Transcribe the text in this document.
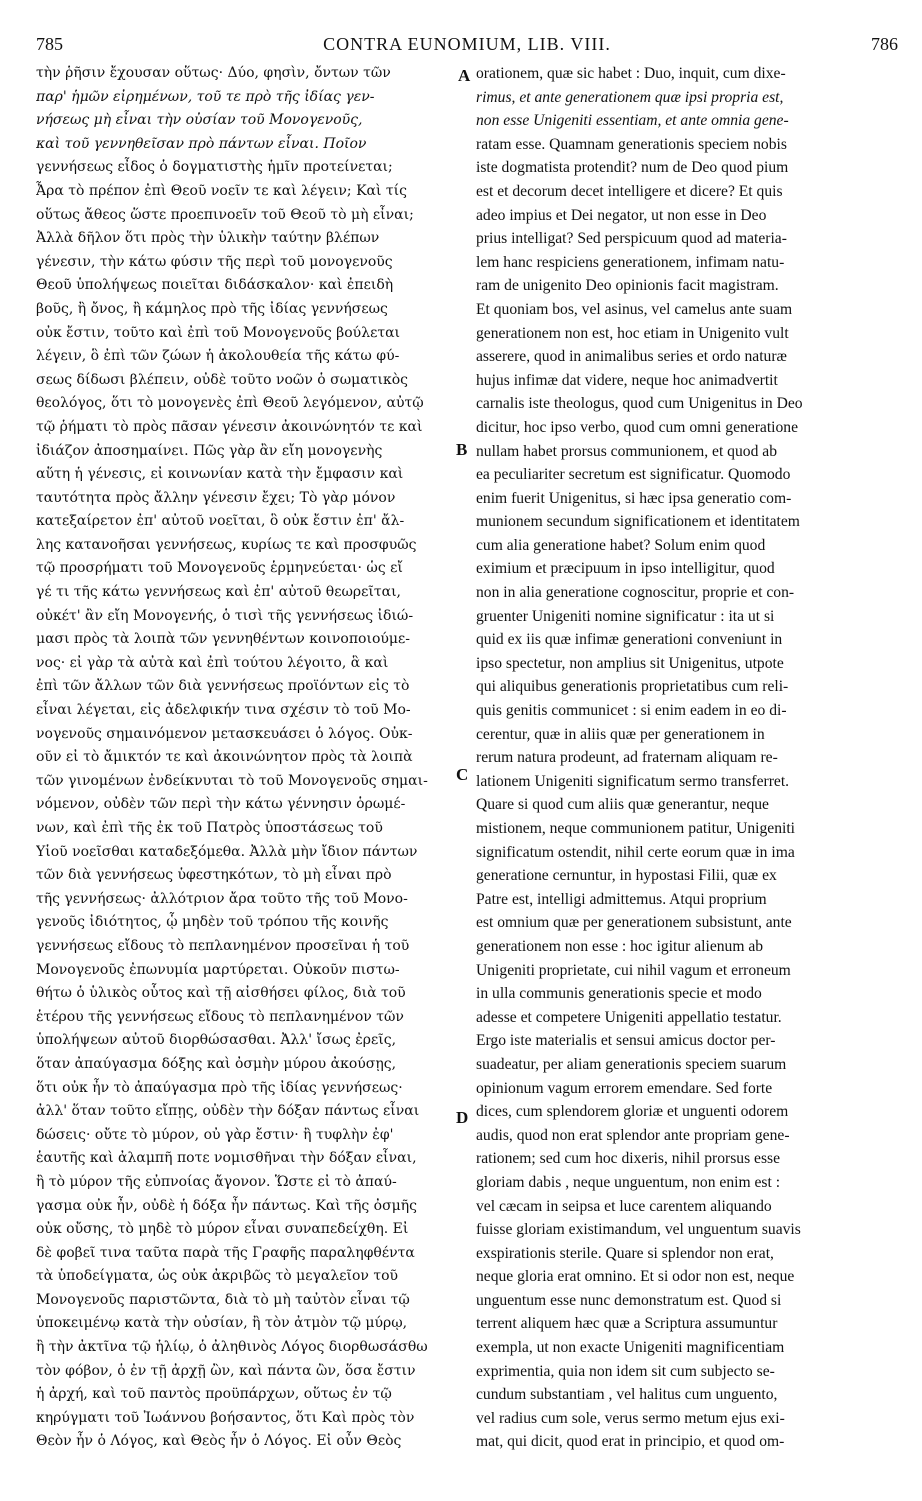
785	CONTRA EUNOMIUM, LIB. VIII.	786
τὴν ῥῆσιν ἔχουσαν οὕτως· Δύο, φησὶν, ὄντων τῶν
παρ' ἡμῶν εἰρημένων, τοῦ τε πρὸ τῆς ἰδίας γεν-
νήσεως μὴ εἶναι τὴν οὐσίαν τοῦ Μονογενοῦς,
καὶ τοῦ γεννηθεῖσαν πρὸ πάντων εἶναι. Ποῖον
γεννήσεως εἶδος ὁ δογματιστὴς ἡμῖν προτείνεται;
Ἆρα τὸ πρέπον ἐπὶ Θεοῦ νοεῖν τε καὶ λέγειν; Καὶ τίς
οὕτως ἄθεος ὥστε προεπινοεῖν τοῦ Θεοῦ τὸ μὴ εἶναι;
Ἀλλὰ δῆλον ὅτι πρὸς τὴν ὑλικὴν ταύτην βλέπων
γένεσιν, τὴν κάτω φύσιν τῆς περὶ τοῦ μονογενοῦς
Θεοῦ ὑπολήψεως ποιεῖται διδάσκαλον· καὶ ἐπειδὴ
βοῦς, ἢ ὄνος, ἢ κάμηλος πρὸ τῆς ἰδίας γεννήσεως
οὐκ ἔστιν, τοῦτο καὶ ἐπὶ τοῦ Μονογενοῦς βούλεται
λέγειν, ὃ ἐπὶ τῶν ζώων ἡ ἀκολουθεία τῆς κάτω φύ-
σεως δίδωσι βλέπειν, οὐδὲ τοῦτο νοῶν ὁ σωματικὸς
θεολόγος, ὅτι τὸ μονογενὲς ἐπὶ Θεοῦ λεγόμενον, αὐτῷ
τῷ ῥήματι τὸ πρὸς πᾶσαν γένεσιν ἀκοινώνητόν τε καὶ
ἰδιάζον ἀποσημαίνει. Πῶς γὰρ ἂν εἴη μονογενὴς
αὕτη ἡ γένεσις, εἰ κοινωνίαν κατὰ τὴν ἔμφασιν καὶ
ταυτότητα πρὸς ἄλλην γένεσιν ἔχει; Τὸ γὰρ μόνον
κατεξαίρετον ἐπ' αὐτοῦ νοεῖται, ὃ οὐκ ἔστιν ἐπ' ἄλ-
λης κατανοῆσαι γεννήσεως, κυρίως τε καὶ προσφυῶς
τῷ προσρήματι τοῦ Μονογενοῦς ἑρμηνεύεται· ὡς εἴ
γέ τι τῆς κάτω γεννήσεως καὶ ἐπ' αὐτοῦ θεωρεῖται,
οὐκέτ' ἂν εἴη Μονογενής, ὁ τισὶ τῆς γεννήσεως ἰδιώ-
μασι πρὸς τὰ λοιπὰ τῶν γεννηθέντων κοινοποιούμε-
νος· εἰ γὰρ τὰ αὐτὰ καὶ ἐπὶ τούτου λέγοιτο, ἃ καὶ
ἐπὶ τῶν ἄλλων τῶν διὰ γεννήσεως προϊόντων εἰς τὸ
εἶναι λέγεται, εἰς ἀδελφικήν τινα σχέσιν τὸ τοῦ Μο-
νογενοῦς σημαινόμενον μετασκευάσει ὁ λόγος. Οὐκ-
οῦν εἰ τὸ ἄμικτόν τε καὶ ἀκοινώνητον πρὸς τὰ λοιπὰ
τῶν γινομένων ἐνδείκνυται τὸ τοῦ Μονογενοῦς σημαι-
νόμενον, οὐδὲν τῶν περὶ τὴν κάτω γέννησιν ὁρωμέ-
νων, καὶ ἐπὶ τῆς ἐκ τοῦ Πατρὸς ὑποστάσεως τοῦ
Υἱοῦ νοεῖσθαι καταδεξόμεθα. Ἀλλὰ μὴν ἴδιον πάντων
τῶν διὰ γεννήσεως ὑφεστηκότων, τὸ μὴ εἶναι πρὸ
τῆς γεννήσεως· ἀλλότριον ἄρα τοῦτο τῆς τοῦ Μονο-
γενοῦς ἰδιότητος, ᾧ μηδὲν τοῦ τρόπου τῆς κοινῆς
γεννήσεως εἴδους τὸ πεπλανημένον προσεῖναι ἡ τοῦ
Μονογενοῦς ἐπωνυμία μαρτύρεται. Οὐκοῦν πιστω-
θήτω ὁ ὑλικὸς οὗτος καὶ τῇ αἰσθήσει φίλος, διὰ τοῦ
ἑτέρου τῆς γεννήσεως εἴδους τὸ πεπλανημένον τῶν
ὑπολήψεων αὐτοῦ διορθώσασθαι. Ἀλλ' ἴσως ἐρεῖς,
ὅταν ἀπαύγασμα δόξης καὶ ὀσμὴν μύρου ἀκούσῃς,
ὅτι οὐκ ἦν τὸ ἀπαύγασμα πρὸ τῆς ἰδίας γεννήσεως·
ἀλλ' ὅταν τοῦτο εἴπῃς, οὐδὲν τὴν δόξαν πάντως εἶναι
δώσεις· οὔτε τὸ μύρον, οὐ γὰρ ἔστιν· ἢ τυφλὴν ἐφ'
ἑαυτῆς καὶ ἀλαμπῆ ποτε νομισθῆναι τὴν δόξαν εἶναι,
ἢ τὸ μύρον τῆς εὐπνοίας ἄγονον. Ὥστε εἰ τὸ ἀπαύ-
γασμα οὐκ ἦν, οὐδὲ ἡ δόξα ἦν πάντως. Καὶ τῆς ὀσμῆς
οὐκ οὔσης, τὸ μηδὲ τὸ μύρον εἶναι συναπεδείχθη. Εἰ
δὲ φοβεῖ τινα ταῦτα παρὰ τῆς Γραφῆς παραληφθέντα
τὰ ὑποδείγματα, ὡς οὐκ ἀκριβῶς τὸ μεγαλεῖον τοῦ
Μονογενοῦς παριστῶντα, διὰ τὸ μὴ ταὐτὸν εἶναι τῷ
ὑποκειμένῳ κατὰ τὴν οὐσίαν, ἢ τὸν ἀτμὸν τῷ μύρῳ,
ἢ τὴν ἀκτῖνα τῷ ἡλίῳ, ὁ ἀληθινὸς Λόγος διορθωσάσθω
τὸν φόβον, ὁ ἐν τῇ ἀρχῇ ὢν, καὶ πάντα ὢν, ὅσα ἔστιν
ἡ ἀρχή, καὶ τοῦ παντὸς προϋπάρχων, οὕτως ἐν τῷ
κηρύγματι τοῦ Ἰωάννου βοήσαντος, ὅτι Καὶ πρὸς τὸν
Θεὸν ἦν ὁ Λόγος, καὶ Θεὸς ἦν ὁ Λόγος. Εἰ οὖν Θεὸς
orationem, quæ sic habet : Duo, inquit, cum dixe-
rimus, et ante generationem quæ ipsi propria est,
non esse Unigeniti essentiam, et ante omnia gene-
ratam esse. Quamnam generationis speciem nobis
iste dogmatista protendit? num de Deo quod pium
est et decorum decet intelligere et dicere? Et quis
adeo impius et Dei negator, ut non esse in Deo
prius intelligat? Sed perspicuum quod ad materia-
lem hanc respiciens generationem, infimam natu-
ram de unigenito Deo opinionis facit magistram.
Et quoniam bos, vel asinus, vel camelus ante suam
generationem non est, hoc etiam in Unigenito vult
asserere, quod in animalibus series et ordo naturæ
hujus infimæ dat videre, neque hoc animadvertit
carnalis iste theologus, quod cum Unigenitus in Deo
dicitur, hoc ipso verbo, quod cum omni generatione
nullam habet prorsus communionem, et quod ab
ea peculiariter secretum est significatur. Quomodo
enim fuerit Unigenitus, si hæc ipsa generatio com-
munionem secundum significationem et identitatem
cum alia generatione habet? Solum enim quod
eximium et præcipuum in ipso intelligitur, quod
non in alia generatione cognoscitur, proprie et con-
gruenter Unigeniti nomine significatur : ita ut si
quid ex iis quæ infimæ generationi conveniunt in
ipso spectetur, non amplius sit Unigenitus, utpote
qui aliquibus generationis proprietatibus cum reli-
quis genitis communicet : si enim eadem in eo di-
cerentur, quæ in aliis quæ per generationem in
rerum natura prodeunt, ad fraternam aliquam re-
lationem Unigeniti significatum sermo transferret.
Quare si quod cum aliis quæ generantur, neque
mistionem, neque communionem patitur, Unigeniti
significatum ostendit, nihil certe eorum quæ in ima
generatione cernuntur, in hypostasi Filii, quæ ex
Patre est, intelligi admittemus. Atqui proprium
est omnium quæ per generationem subsistunt, ante
generationem non esse : hoc igitur alienum ab
Unigeniti proprietate, cui nihil vagum et erroneum
in ulla communis generationis specie et modo
adesse et competere Unigeniti appellatio testatur.
Ergo iste materialis et sensui amicus doctor per-
suadeatur, per aliam generationis speciem suarum
opinionum vagum errorem emendare. Sed forte
dices, cum splendorem gloriæ et unguenti odorem
audis, quod non erat splendor ante propriam gene-
rationem; sed cum hoc dixeris, nihil prorsus esse
gloriam dabis , neque unguentum, non enim est :
vel cæcam in seipsa et luce carentem aliquando
fuisse gloriam existimandum, vel unguentum suavis
exspirationis sterile. Quare si splendor non erat,
neque gloria erat omnino. Et si odor non est, neque
unguentum esse nunc demonstratum est. Quod si
terrent aliquem hæc quæ a Scriptura assumuntur
exempla, ut non exacte Unigeniti magnificentiam
exprimentia, quia non idem sit cum subjecto se-
cundum substantiam , vel halitus cum unguento,
vel radius cum sole, verus sermo metum ejus exi-
mat, qui dicit, quod erat in principio, et quod om-
A
B
C
D
